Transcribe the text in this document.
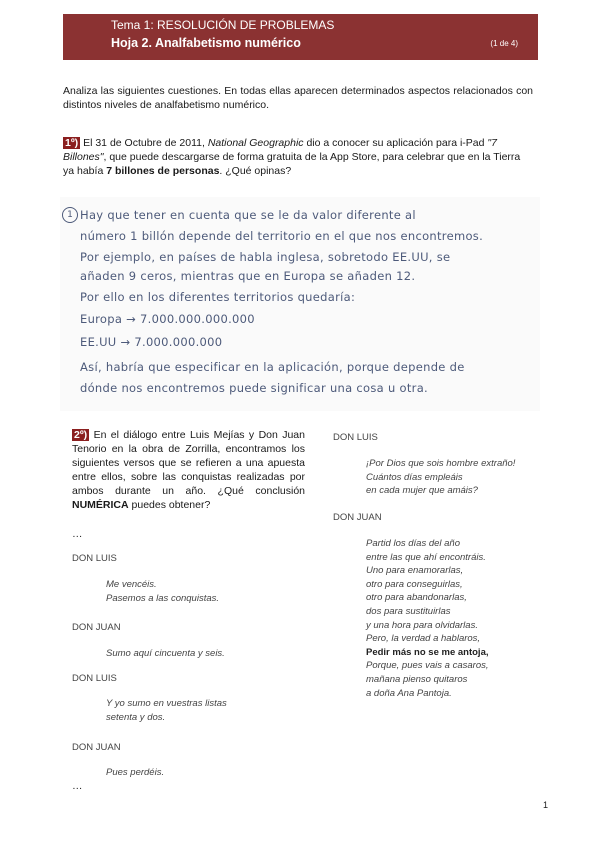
Tema 1: RESOLUCIÓN DE PROBLEMAS
Hoja 2. Analfabetismo numérico	(1 de 4)
Analiza las siguientes cuestiones. En todas ellas aparecen determinados aspectos relacionados con distintos niveles de analfabetismo numérico.
1º) El 31 de Octubre de 2011, National Geographic dio a conocer su aplicación para i-Pad "7 Billones", que puede descargarse de forma gratuita de la App Store, para celebrar que en la Tierra ya había 7 billones de personas. ¿Qué opinas?
1 Hay que tener en cuenta que se le da valor diferente al
número 1 billón depende del territorio en el que nos encontremos.
Por ejemplo, en países de habla inglesa, sobretodo EE.UU, se
añaden 9 ceros, mientras que en Europa se añaden 12.
Por ello en los diferentes territorios quedaría:
Europa → 7.000.000.000.000
EE.UU → 7.000.000.000
Así, habría que especificar en la aplicación, porque depende de
dónde nos encontremos puede significar una cosa u otra.
2º) En el diálogo entre Luis Mejías y Don Juan Tenorio en la obra de Zorrilla, encontramos los siguientes versos que se refieren a una apuesta entre ellos, sobre las conquistas realizadas por ambos durante un año. ¿Qué conclusión NUMÉRICA puedes obtener?
…
DON LUIS
Me vencéis.
Pasemos a las conquistas.
DON JUAN
Sumo aquí cincuenta y seis.
DON LUIS
Y yo sumo en vuestras listas
setenta y dos.
DON JUAN
Pues perdéis.
…
DON LUIS
¡Por Dios que sois hombre extraño!
Cuántos días empleáis
en cada mujer que amáis?
DON JUAN
Partid los días del año
entre las que ahí encontráis.
Uno para enamorarlas,
otro para conseguirlas,
otro para abandonarlas,
dos para sustituirlas
y una hora para olvidarlas.
Pero, la verdad a hablaros,
Pedir más no se me antoja,
Porque, pues vais a casaros,
mañana pienso quitaros
a doña Ana Pantoja.
1
